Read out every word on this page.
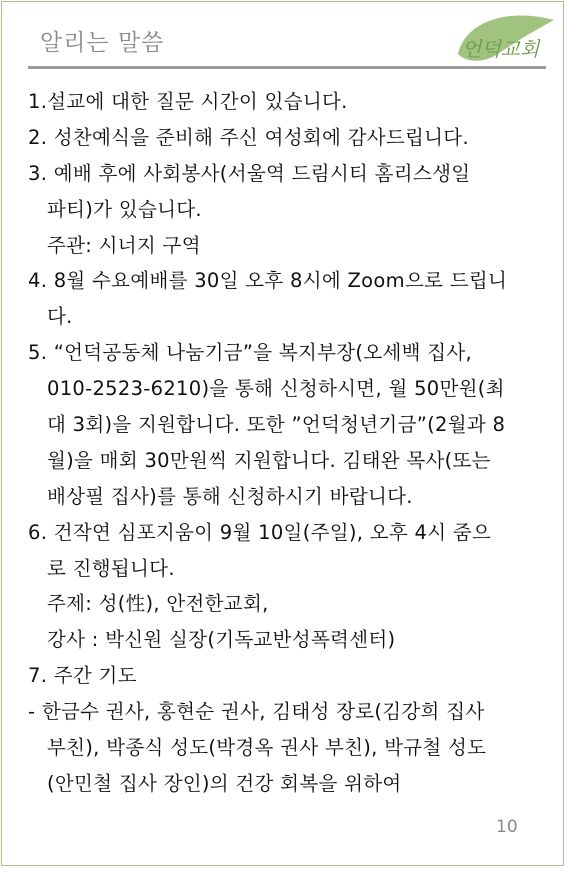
알리는 말씀	언덕교회
1.설교에 대한 질문 시간이 있습니다.
2. 성찬예식을 준비해 주신 여성회에 감사드립니다.
3. 예배 후에 사회봉사(서울역 드림시티 홈리스생일
파티)가 있습니다.
주관: 시너지 구역
4. 8월 수요예배를 30일 오후 8시에 Zoom으로 드립니
다.
5. “언덕공동체 나눔기금”을 복지부장(오세백 집사,
010-2523-6210)을 통해 신청하시면, 월 50만원(최
대 3회)을 지원합니다. 또한 ”언덕청년기금”(2월과 8
월)을 매회 30만원씩 지원합니다. 김태완 목사(또는
배상필 집사)를 통해 신청하시기 바랍니다.
6. 건작연 심포지움이 9월 10일(주일), 오후 4시 줌으
로 진행됩니다.
주제: 성(性), 안전한교회,
강사 : 박신원 실장(기독교반성폭력센터)
7. 주간 기도
- 한금수 권사, 홍현순 권사, 김태성 장로(김강희 집사
부친), 박종식 성도(박경옥 권사 부친), 박규철 성도
(안민철 집사 장인)의 건강 회복을 위하여
10
